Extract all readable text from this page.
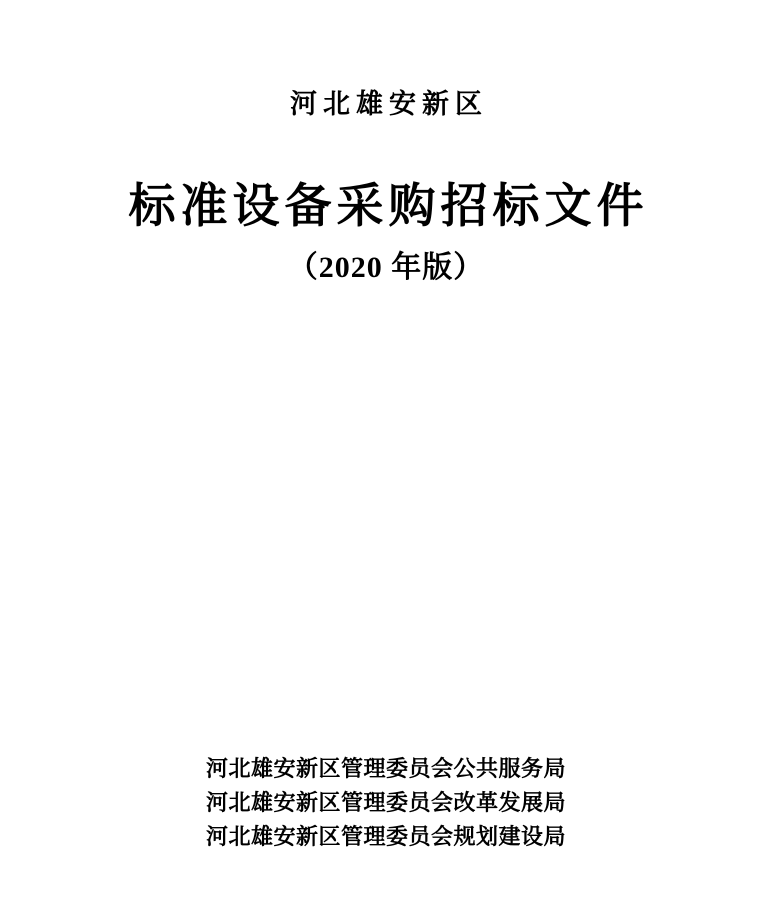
河北雄安新区
标准设备采购招标文件
（2020 年版）
河北雄安新区管理委员会公共服务局
河北雄安新区管理委员会改革发展局
河北雄安新区管理委员会规划建设局
